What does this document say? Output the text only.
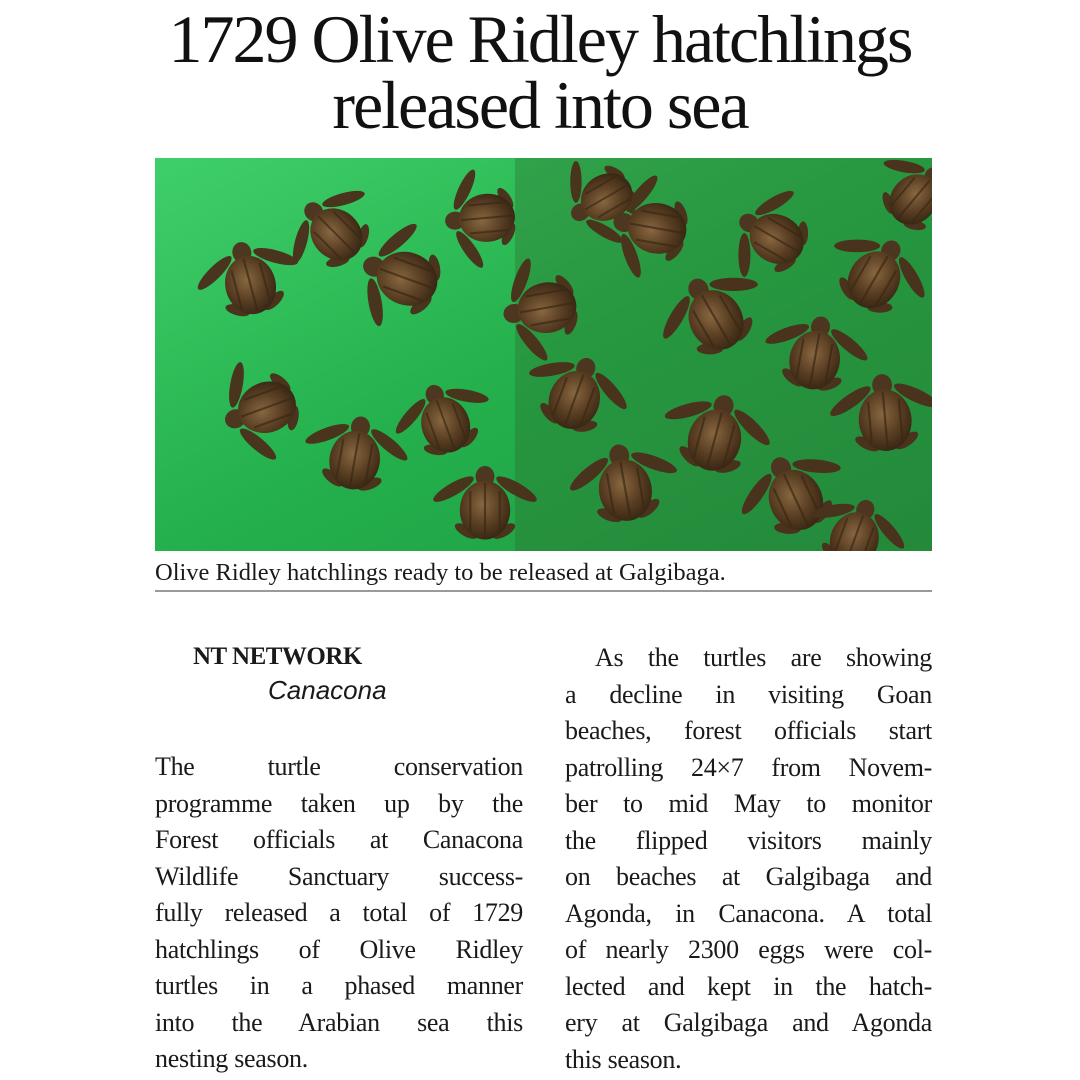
1729 Olive Ridley hatchlings
released into sea

Olive Ridley hatchlings ready to be released at Galgibaga.

NT NETWORK

Canacona

The turtle conservation
programme taken up by the
Forest officials at Canacona
Wildlife Sanctuary success-
fully released a total of 1729
hatchlings of Olive Ridley
turtles in a phased manner
into the Arabian sea this
nesting season.
As the turtles are showing
a decline in visiting Goan
beaches, forest officials start
patrolling 24×7 from Novem-
ber to mid May to monitor
the flipped visitors mainly
on beaches at Galgibaga and
Agonda, in Canacona. A total
of nearly 2300 eggs were col-
lected and kept in the hatch-
ery at Galgibaga and Agonda
this season.
